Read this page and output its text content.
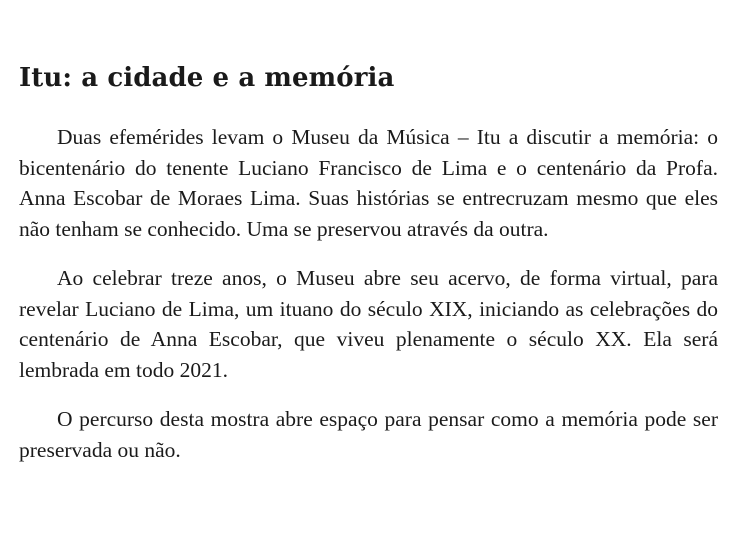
Itu: a cidade e a memória

Duas efemérides levam o Museu da Música – Itu a discutir a memória: o bicentenário do tenente Luciano Francisco de Lima e o centenário da Profa. Anna Escobar de Moraes Lima. Suas histórias se entrecruzam mesmo que eles não tenham se conhecido. Uma se preservou através da outra.

Ao celebrar treze anos, o Museu abre seu acervo, de forma virtual, para revelar Luciano de Lima, um ituano do século XIX, iniciando as celebrações do centenário de Anna Escobar, que viveu plenamente o século XX. Ela será lembrada em todo 2021.

O percurso desta mostra abre espaço para pensar como a memória pode ser preservada ou não.
